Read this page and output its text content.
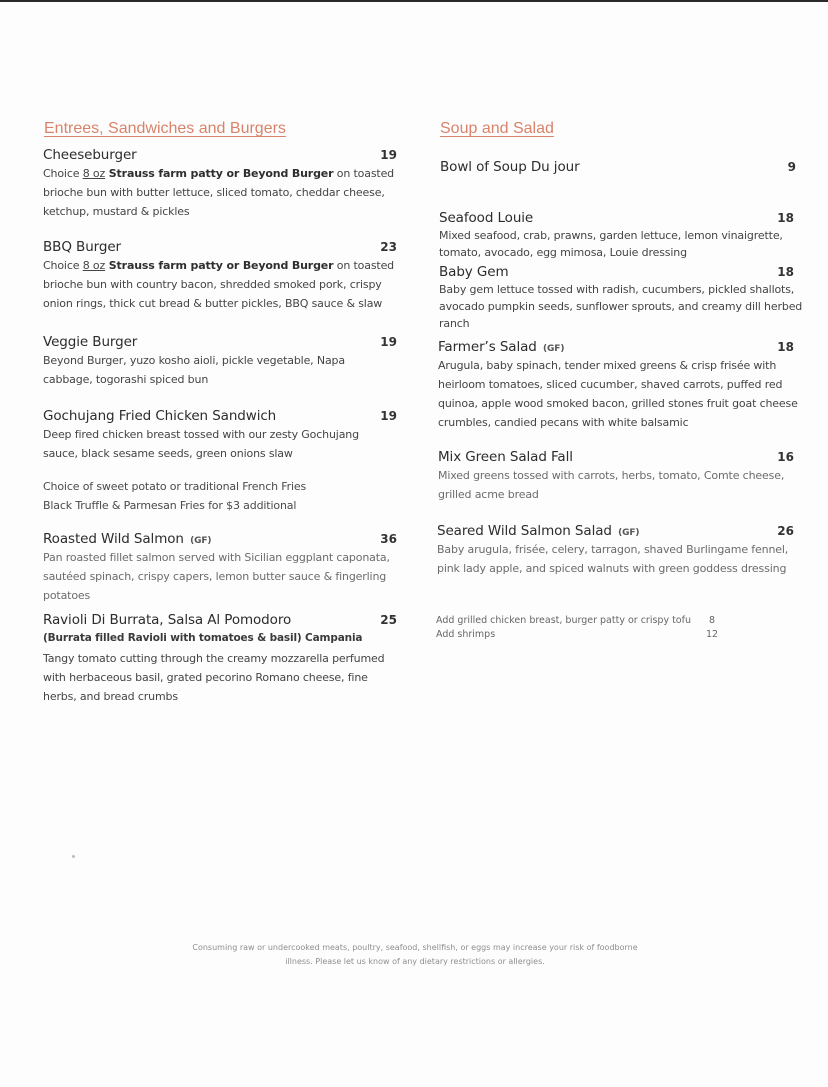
Entrees, Sandwiches and Burgers
Cheeseburger	19
Choice 8 oz Strauss farm patty or Beyond Burger on toasted brioche bun with butter lettuce, sliced tomato, cheddar cheese, ketchup, mustard & pickles
BBQ Burger	23
Choice 8 oz Strauss farm patty or Beyond Burger on toasted brioche bun with country bacon, shredded smoked pork, crispy onion rings, thick cut bread & butter pickles, BBQ sauce & slaw
Veggie Burger	19
Beyond Burger, yuzo kosho aioli, pickle vegetable, Napa cabbage, togorashi spiced bun
Gochujang Fried Chicken Sandwich	19
Deep fired chicken breast tossed with our zesty Gochujang sauce, black sesame seeds, green onions slaw
Choice of sweet potato or traditional French Fries
Black Truffle & Parmesan Fries for $3 additional
Roasted Wild Salmon (GF)	36
Pan roasted fillet salmon served with Sicilian eggplant caponata, sautéed spinach, crispy capers, lemon butter sauce & fingerling potatoes
Ravioli Di Burrata, Salsa Al Pomodoro	25
(Burrata filled Ravioli with tomatoes & basil) Campania
Tangy tomato cutting through the creamy mozzarella perfumed with herbaceous basil, grated pecorino Romano cheese, fine herbs, and bread crumbs
Soup and Salad
Bowl of Soup Du jour	9
Seafood Louie	18
Mixed seafood, crab, prawns, garden lettuce, lemon vinaigrette, tomato, avocado, egg mimosa, Louie dressing
Baby Gem	18
Baby gem lettuce tossed with radish, cucumbers, pickled shallots, avocado pumpkin seeds, sunflower sprouts, and creamy dill herbed ranch
Farmer’s Salad (GF)	18
Arugula, baby spinach, tender mixed greens & crisp frisée with heirloom tomatoes, sliced cucumber, shaved carrots, puffed red quinoa, apple wood smoked bacon, grilled stones fruit goat cheese crumbles, candied pecans with white balsamic
Mix Green Salad Fall	16
Mixed greens tossed with carrots, herbs, tomato, Comte cheese, grilled acme bread
Seared Wild Salmon Salad (GF)	26
Baby arugula, frisée, celery, tarragon, shaved Burlingame fennel, pink lady apple, and spiced walnuts with green goddess dressing
Add grilled chicken breast, burger patty or crispy tofu 8
Add shrimps	12
Consuming raw or undercooked meats, poultry, seafood, shellfish, or eggs may increase your risk of foodborne
illness. Please let us know of any dietary restrictions or allergies.
